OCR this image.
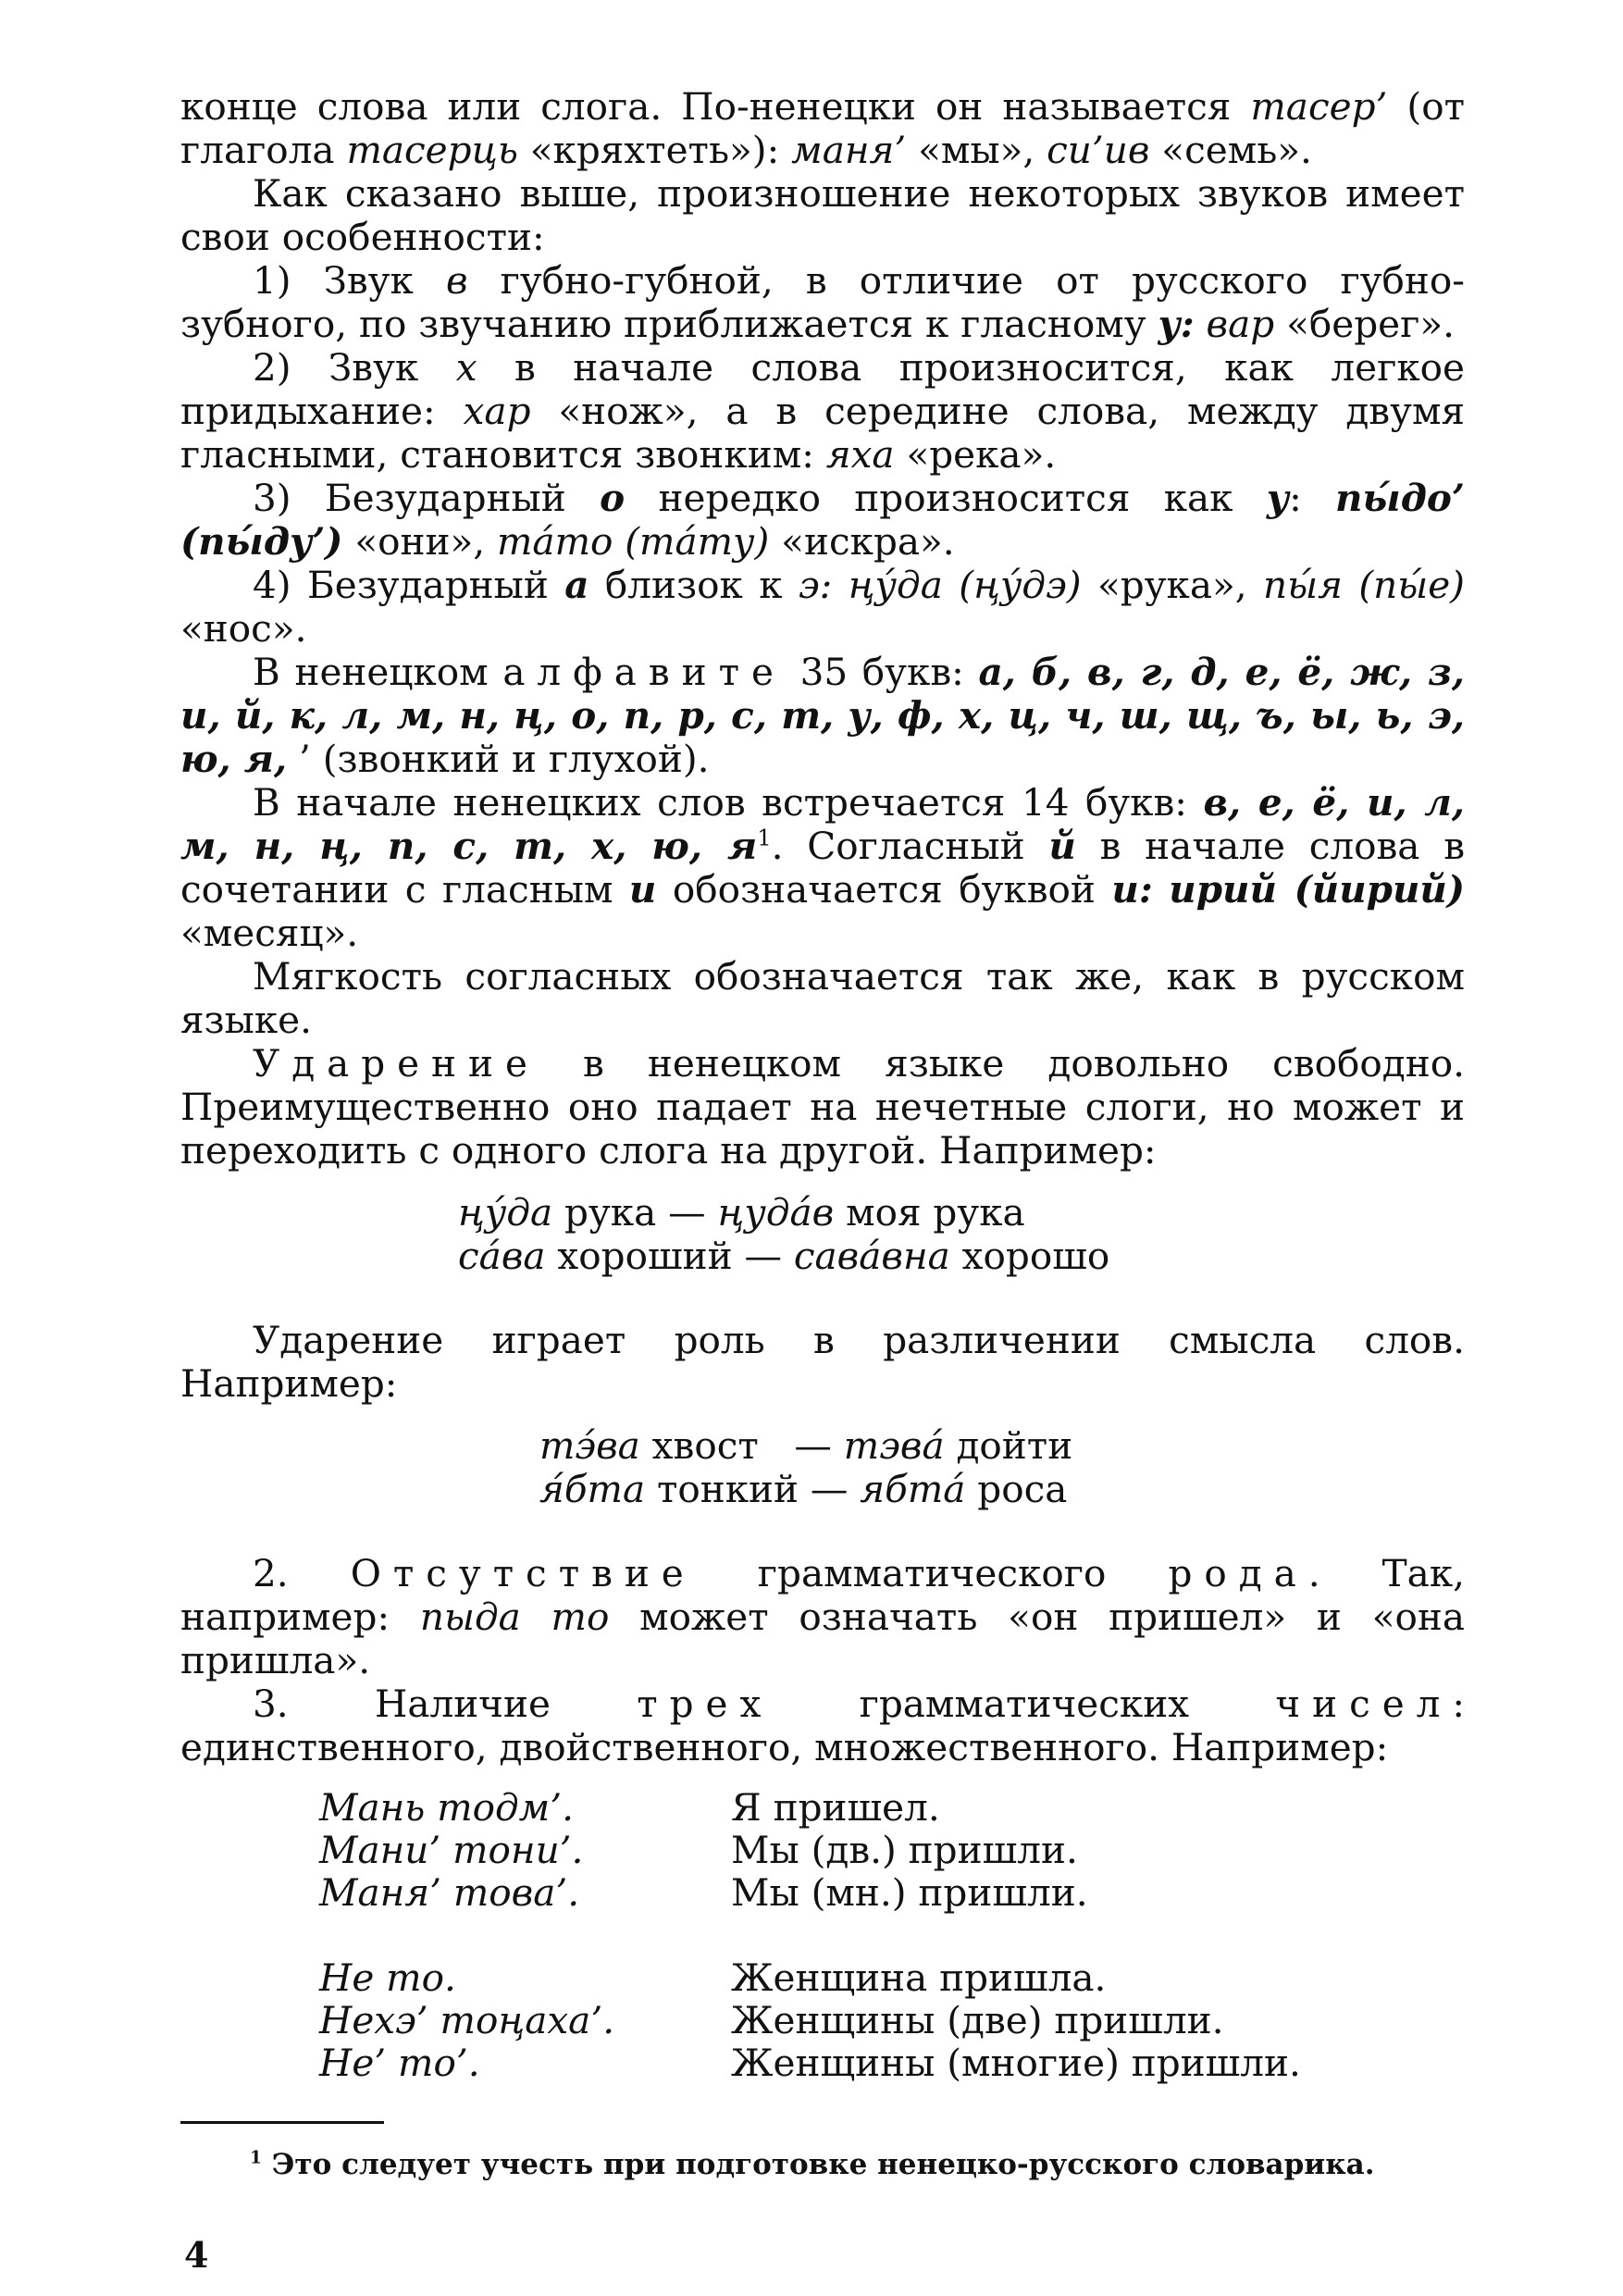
конце слова или слога. По-ненецки он называется тасер’ (от глагола тасерць «кряхтеть»): маня’ «мы», си’ив «семь».

Как сказано выше, произношение некоторых звуков имеет свои особенности:

1) Звук в губно-губной, в отличие от русского губно-зубного, по звучанию приближается к гласному у: вар «берег».

2) Звук х в начале слова произносится, как легкое придыхание: хар «нож», а в середине слова, между двумя гласными, становится звонким: яха «река».

3) Безударный о нередко произносится как у: пы́до’ (пы́ду’) «они», та́то (та́ту) «искра».

4) Безударный а близок к э: ңу́да (ңу́дэ) «рука», пы́я (пы́е) «нос».

В ненецком алфавите 35 букв: а, б, в, г, д, е, ё, ж, з, и, й, к, л, м, н, ң, о, п, р, с, т, у, ф, х, ц, ч, ш, щ, ъ, ы, ь, э, ю, я, ’ (звонкий и глухой).

В начале ненецких слов встречается 14 букв: в, е, ё, и, л, м, н, ң, п, с, т, х, ю, $я^1$. Согласный й в начале слова в сочетании с гласным и обозначается буквой и: ирий (йирий) «месяц».

Мягкость согласных обозначается так же, как в русском языке.

Ударение в ненецком языке довольно свободно. Преимущественно оно падает на нечетные слоги, но может и переходить с одного слога на другой. Например:

ңу́да рука — ңуда́в моя рука
са́ва хороший — сава́вна хорошо

Ударение играет роль в различении смысла слов. Например:

тэ́ва хвост   — тэва́ дойти
я́бта тонкий — ябта́ роса

2. Отсутствие грамматического рода. Так, например: пыда то может означать «он пришел» и «она пришла».

3. Наличие трех грамматических чисел: единственного, двойственного, множественного. Например:

Мань тодм’.	Я пришел.
Мани’ тони’.	Мы (дв.) пришли.
Маня’ това’.	Мы (мн.) пришли.

Не то.	Женщина пришла.
Нехэ’ тоңаха’.	Женщины (две) пришли.
Не’ то’.	Женщины (многие) пришли.
$^1$ Это следует учесть при подготовке ненецко-русского словарика.
4
